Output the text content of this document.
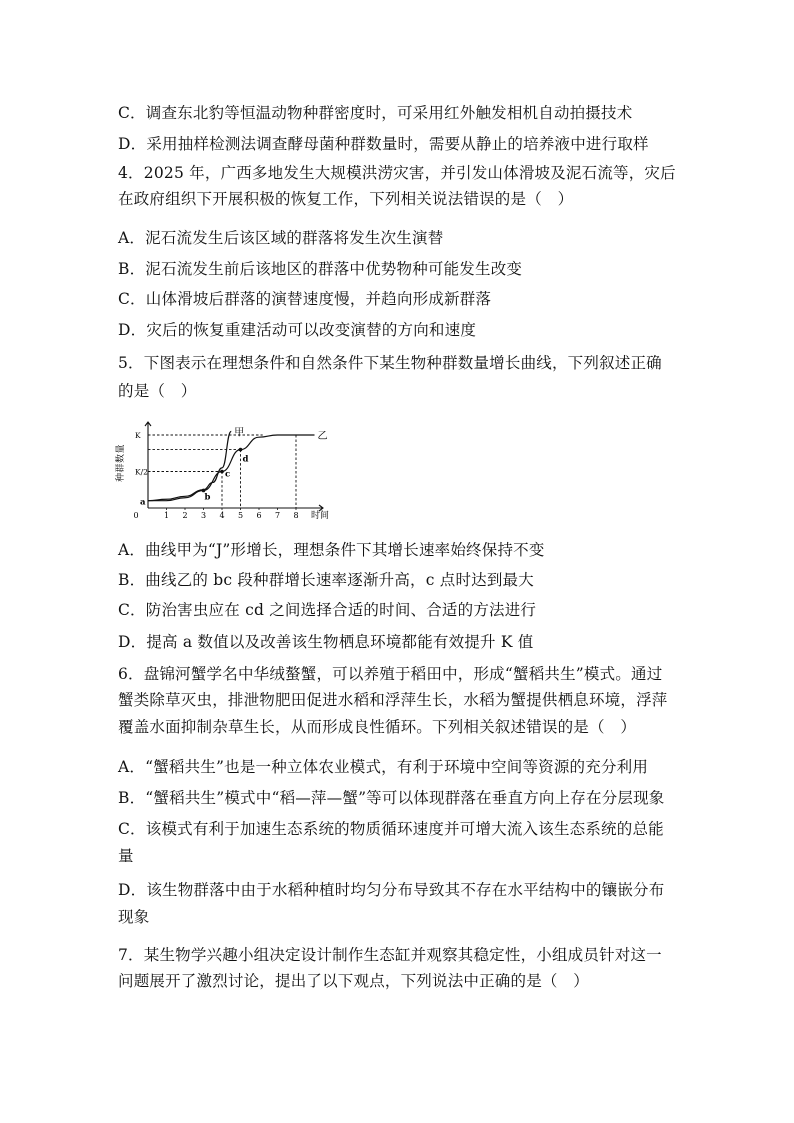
C．调查东北豹等恒温动物种群密度时，可采用红外触发相机自动拍摄技术
D．采用抽样检测法调查酵母菌种群数量时，需要从静止的培养液中进行取样
4．2025 年，广西多地发生大规模洪涝灾害，并引发山体滑坡及泥石流等，灾后
在政府组织下开展积极的恢复工作，下列相关说法错误的是（　）
A．泥石流发生后该区域的群落将发生次生演替
B．泥石流发生前后该地区的群落中优势物种可能发生改变
C．山体滑坡后群落的演替速度慢，并趋向形成新群落
D．灾后的恢复重建活动可以改变演替的方向和速度
5．下图表示在理想条件和自然条件下某生物种群数量增长曲线，下列叙述正确
的是（　）
甲	乙
a
b
c
d
0	1 2 3 4 5 6 7 8
K
K/2
时间
种群数量
A．曲线甲为“J”形增长，理想条件下其增长速率始终保持不变
B．曲线乙的 bc 段种群增长速率逐渐升高，c 点时达到最大
C．防治害虫应在 cd 之间选择合适的时间、合适的方法进行
D．提高 a 数值以及改善该生物栖息环境都能有效提升 K 值
6．盘锦河蟹学名中华绒螯蟹，可以养殖于稻田中，形成“蟹稻共生”模式。通过
蟹类除草灭虫，排泄物肥田促进水稻和浮萍生长，水稻为蟹提供栖息环境，浮萍
覆盖水面抑制杂草生长，从而形成良性循环。下列相关叙述错误的是（　）
A．“蟹稻共生”也是一种立体农业模式，有利于环境中空间等资源的充分利用
B．“蟹稻共生”模式中“稻—萍—蟹”等可以体现群落在垂直方向上存在分层现象
C．该模式有利于加速生态系统的物质循环速度并可增大流入该生态系统的总能
量
D．该生物群落中由于水稻种植时均匀分布导致其不存在水平结构中的镶嵌分布
现象
7．某生物学兴趣小组决定设计制作生态缸并观察其稳定性，小组成员针对这一
问题展开了激烈讨论，提出了以下观点，下列说法中正确的是（　）
